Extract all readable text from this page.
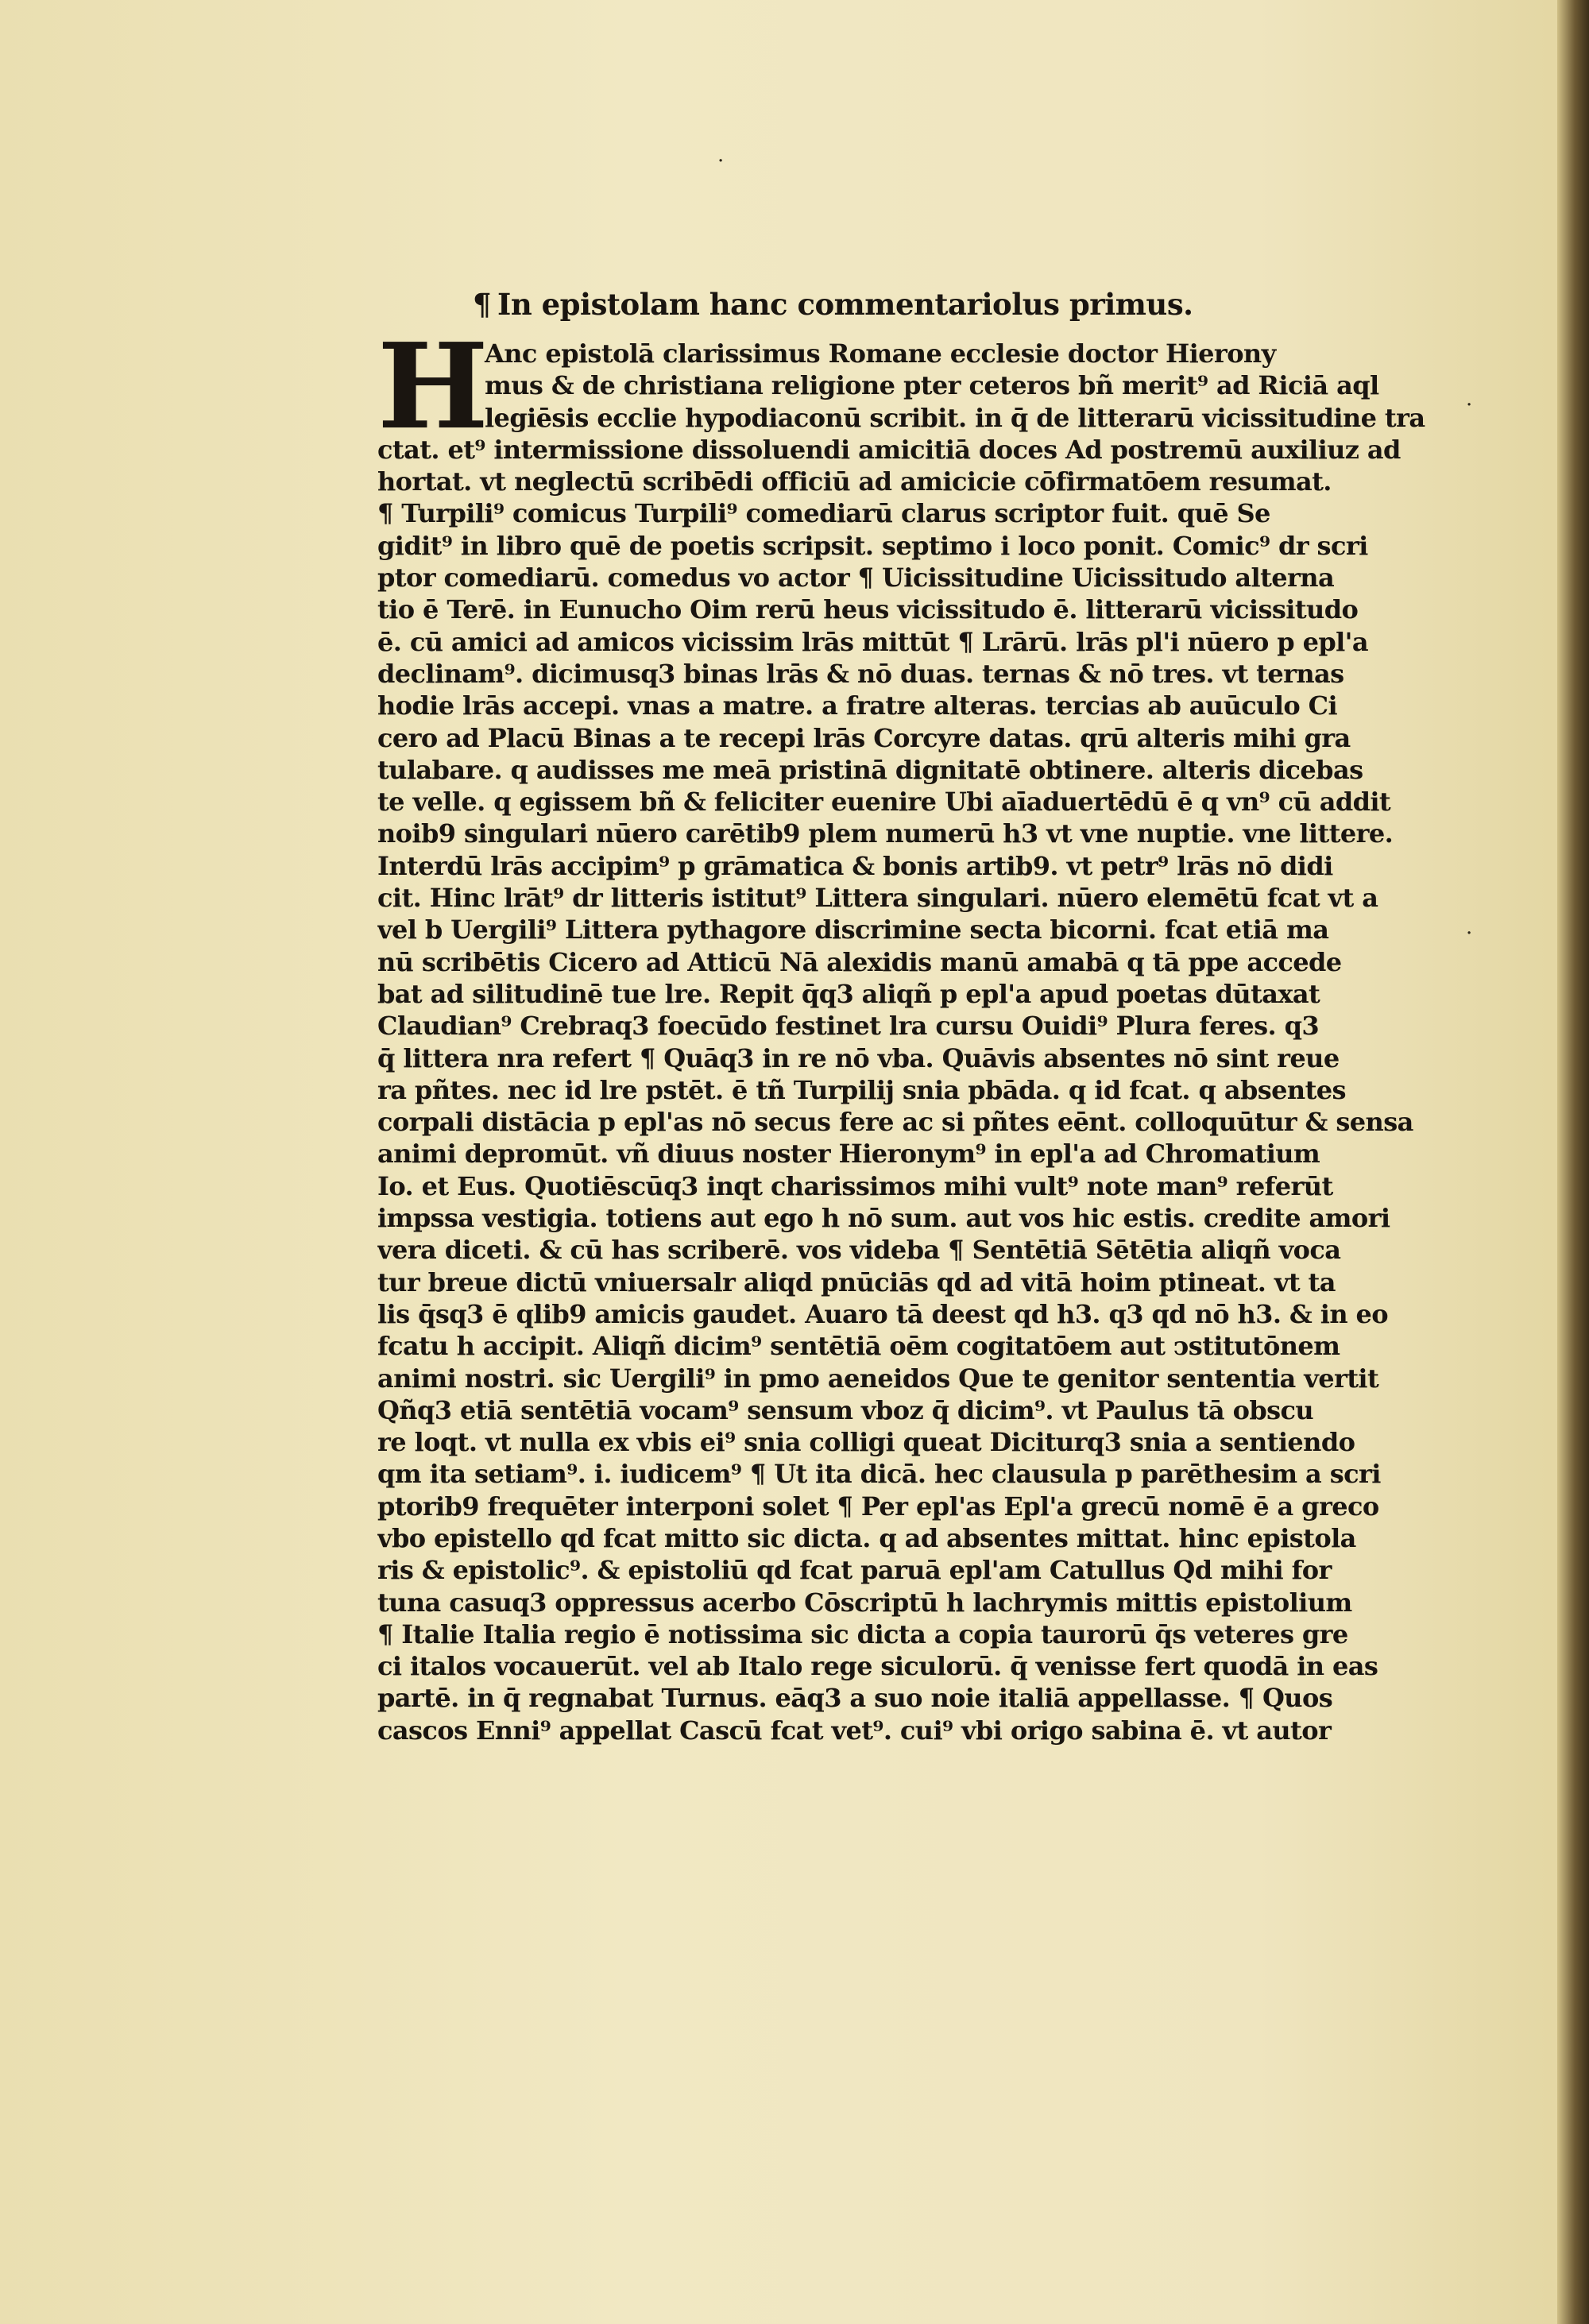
·
·
·
¶ In epistolam hanc commentariolus primus.
H
Anc epistolā clarissimus Romane ecclesie doctor Hierony
mus & de christiana religione pter ceteros bñ merit⁹ ad Riciā aql
legiēsis ecclie hypodiaconū scribit. in q̄ de litterarū vicissitudine tra
ctat. et⁹ intermissione dissoluendi amicitiā doces Ad postremū auxiliuz ad
hortat. vt neglectū scribēdi officiū ad amicicie cōfirmatōem resumat.
¶ Turpili⁹ comicus Turpili⁹ comediarū clarus scriptor fuit. quē Se
gidit⁹ in libro quē de poetis scripsit. septimo i loco ponit. Comic⁹ dr scri
ptor comediarū. comedus vo actor ¶ Uicissitudine Uicissitudo alterna
tio ē Terē. in Eunucho Oim rerū heus vicissitudo ē. litterarū vicissitudo
ē. cū amici ad amicos vicissim lrās mittūt ¶ Lrārū. lrās pl'i nūero p epl'a
declinam⁹. dicimusq3 binas lrās & nō duas. ternas & nō tres. vt ternas
hodie lrās accepi. vnas a matre. a fratre alteras. tercias ab auūculo Ci
cero ad Placū Binas a te recepi lrās Corcyre datas. qrū alteris mihi gra
tulabare. q audisses me meā pristinā dignitatē obtinere. alteris dicebas
te velle. q egissem bñ & feliciter euenire Ubi aīaduertēdū ē q vn⁹ cū addit
noib9 singulari nūero carētib9 plem numerū h3 vt vne nuptie. vne littere.
Interdū lrās accipim⁹ p grāmatica & bonis artib9. vt petr⁹ lrās nō didi
cit. Hinc lrāt⁹ dr litteris istitut⁹ Littera singulari. nūero elemētū fcat vt a
vel b Uergili⁹ Littera pythagore discrimine secta bicorni. fcat etiā ma
nū scribētis Cicero ad Atticū Nā alexidis manū amabā q tā ppe accede
bat ad silitudinē tue lre. Repit q̄q3 aliqñ p epl'a apud poetas dūtaxat
Claudian⁹ Crebraq3 foecūdo festinet lra cursu Ouidi⁹ Plura feres. q3
q̄ littera nra refert ¶ Quāq3 in re nō vba. Quāvis absentes nō sint reue
ra pñtes. nec id lre pstēt. ē tñ Turpilij snia pbāda. q id fcat. q absentes
corpali distācia p epl'as nō secus fere ac si pñtes eēnt. colloquūtur & sensa
animi depromūt. vñ diuus noster Hieronym⁹ in epl'a ad Chromatium
Io. et Eus. Quotiēscūq3 inqt charissimos mihi vult⁹ note man⁹ referūt
impssa vestigia. totiens aut ego h nō sum. aut vos hic estis. credite amori
vera diceti. & cū has scriberē. vos videba ¶ Sentētiā Sētētia aliqñ voca
tur breue dictū vniuersalr aliqd pnūciās qd ad vitā hoim ptineat. vt ta
lis q̄sq3 ē qlib9 amicis gaudet. Auaro tā deest qd h3. q3 qd nō h3. & in eo
fcatu h accipit. Aliqñ dicim⁹ sentētiā oēm cogitatōem aut ↄstitutōnem
animi nostri. sic Uergili⁹ in pmo aeneidos Que te genitor sententia vertit
Qñq3 etiā sentētiā vocam⁹ sensum vboz q̄ dicim⁹. vt Paulus tā obscu
re loqt. vt nulla ex vbis ei⁹ snia colligi queat Diciturq3 snia a sentiendo
qm ita setiam⁹. i. iudicem⁹ ¶ Ut ita dicā. hec clausula p parēthesim a scri
ptorib9 frequēter interponi solet ¶ Per epl'as Epl'a grecū nomē ē a greco
vbo epistello qd fcat mitto sic dicta. q ad absentes mittat. hinc epistola
ris & epistolic⁹. & epistoliū qd fcat paruā epl'am Catullus Qd mihi for
tuna casuq3 oppressus acerbo Cōscriptū h lachrymis mittis epistolium
¶ Italie Italia regio ē notissima sic dicta a copia taurorū q̄s veteres gre
ci italos vocauerūt. vel ab Italo rege siculorū. q̄ venisse fert quodā in eas
partē. in q̄ regnabat Turnus. eāq3 a suo noie italiā appellasse. ¶ Quos
cascos Enni⁹ appellat Cascū fcat vet⁹. cui⁹ vbi origo sabina ē. vt autor
